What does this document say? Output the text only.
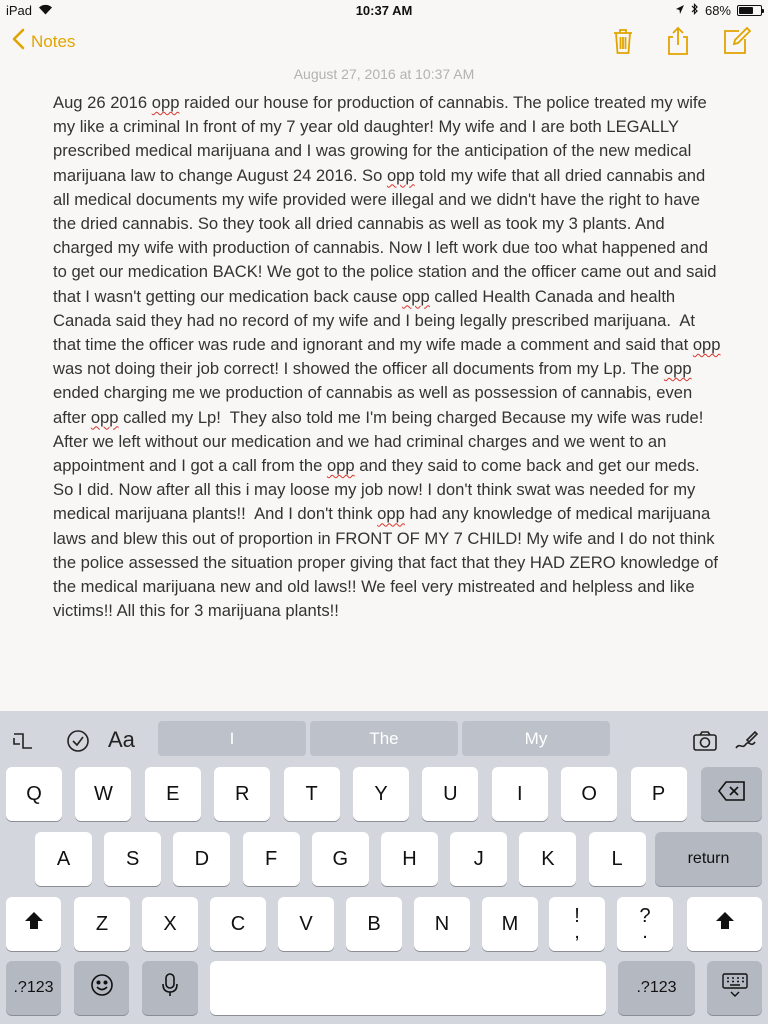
iPad	10:37 AM	68%
Notes
August 27, 2016 at 10:37 AM
Aug 26 2016 opp raided our house for production of cannabis. The police treated my wife my like a criminal In front of my 7 year old daughter! My wife and I are both LEGALLY prescribed medical marijuana and I was growing for the anticipation of the new medical marijuana law to change August 24 2016. So opp told my wife that all dried cannabis and all medical documents my wife provided were illegal and we didn't have the right to have the dried cannabis. So they took all dried cannabis as well as took my 3 plants. And charged my wife with production of cannabis. Now I left work due too what happened and to get our medication BACK! We got to the police station and the officer came out and said that I wasn't getting our medication back cause opp called Health Canada and health Canada said they had no record of my wife and I being legally prescribed marijuana.  At that time the officer was rude and ignorant and my wife made a comment and said that opp was not doing their job correct! I showed the officer all documents from my Lp. The opp ended charging me we production of cannabis as well as possession of cannabis, even after opp called my Lp!  They also told me I'm being charged Because my wife was rude! After we left without our medication and we had criminal charges and we went to an appointment and I got a call from the opp and they said to come back and get our meds. So I did. Now after all this i may loose my job now! I don't think swat was needed for my medical marijuana plants!!  And I don't think opp had any knowledge of medical marijuana laws and blew this out of proportion in FRONT OF MY 7 CHILD! My wife and I do not think the police assessed the situation proper giving that fact that they HAD ZERO knowledge of the medical marijuana new and old laws!! We feel very mistreated and helpless and like victims!! All this for 3 marijuana plants!!
Aa	I	The	My
Q	W	E	R	T	Y	U	I	O	P
A	S	D	F	G	H	J	K	L	return
Z	X	C	V	B	N	M	!
,
?
.
.?123	.?123
